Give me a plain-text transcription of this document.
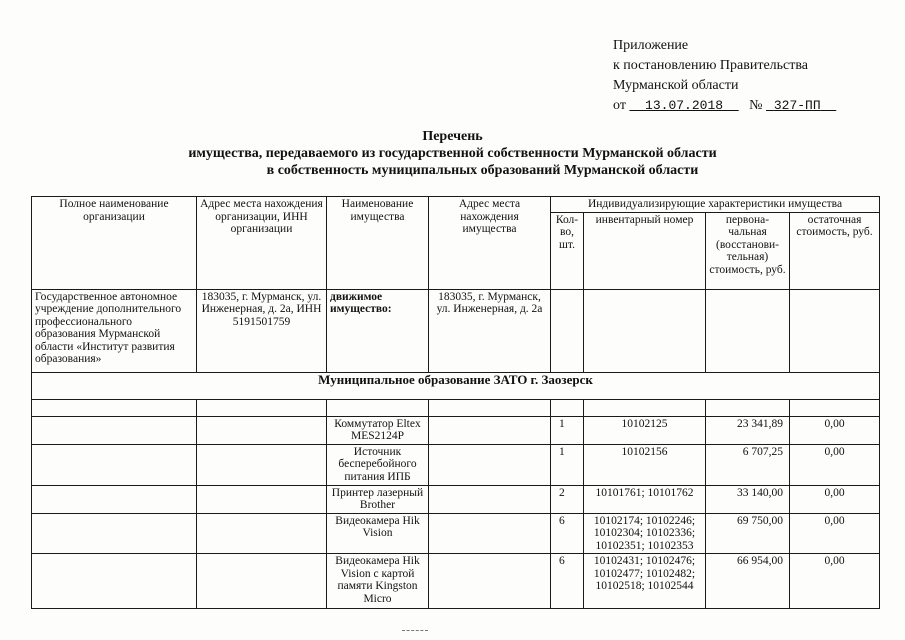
Приложение
к постановлению Правительства
Мурманской области
от 13.07.2018 № 327-ПП
Перечень
имущества, передаваемого из государственной собственности Мурманской области
в собственность муниципальных образований Мурманской области
Полное наименование организации	Адрес места нахождения организации, ИНН организации	Наименование имущества	Адрес места нахождения имущества	Индивидуализирующие характеристики имущества			
				Кол-во, шт.	инвентарный номер	первона-чальная (восстанови-тельная) стоимость, руб.	остаточная стоимость, руб.
Государственное автономное учреждение дополнительного профессионального образования Мурманской области «Институт развития образования»	183035, г. Мурманск, ул. Инженерная, д. 2а, ИНН 5191501759	движимое имущество:	183035, г. Мурманск, ул. Инженерная, д. 2а				
Муниципальное образование ЗАТО г. Заозерск							

		Коммутатор Eltex MES2124P		1	10102125	23 341,89	0,00
		Источник бесперебойного питания ИПБ		1	10102156	6 707,25	0,00
		Принтер лазерный Brother		2	10101761; 10101762	33 140,00	0,00
		Видеокамера Hik Vision		6	10102174; 10102246; 10102304; 10102336; 10102351; 10102353	69 750,00	0,00
		Видеокамера Hik Vision с картой памяти Kingston Micro		6	10102431; 10102476; 10102477; 10102482; 10102518; 10102544	66 954,00	0,00
